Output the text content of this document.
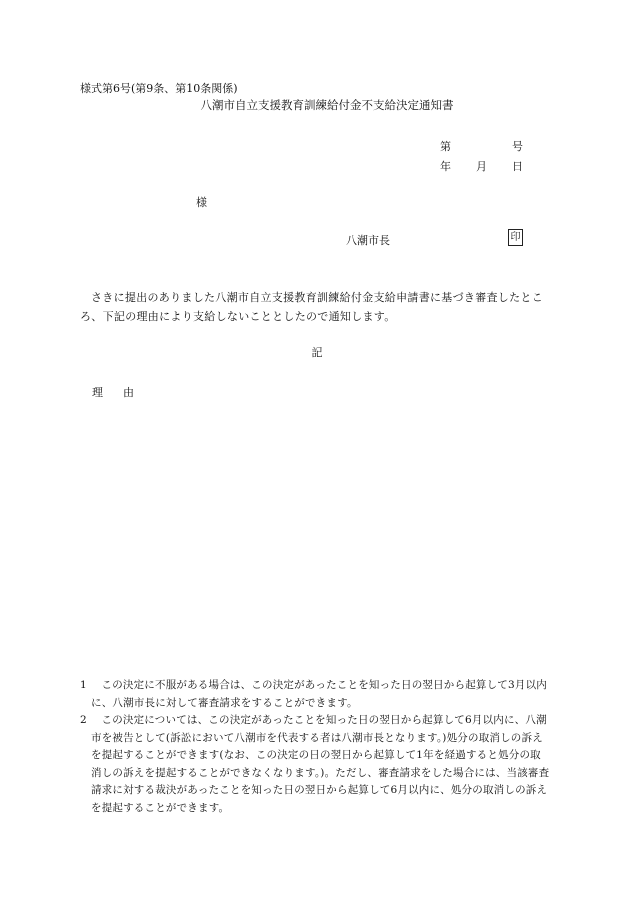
様式第6号(第9条、第10条関係)
八潮市自立支援教育訓練給付金不支給決定通知書
第	号
年 月 日
様
八潮市長	印
さきに提出のありました八潮市自立支援教育訓練給付金支給申請書に基づき審査したところ、下記の理由により支給しないこととしたので通知します。
記
理由
1	この決定に不服がある場合は、この決定があったことを知った日の翌日から起算して3月以内に、八潮市長に対して審査請求をすることができます。
2	この決定については、この決定があったことを知った日の翌日から起算して6月以内に、八潮市を被告として(訴訟において八潮市を代表する者は八潮市長となります。)処分の取消しの訴えを提起することができます(なお、この決定の日の翌日から起算して1年を経過すると処分の取消しの訴えを提起することができなくなります。)。ただし、審査請求をした場合には、当該審査請求に対する裁決があったことを知った日の翌日から起算して6月以内に、処分の取消しの訴えを提起することができます。
